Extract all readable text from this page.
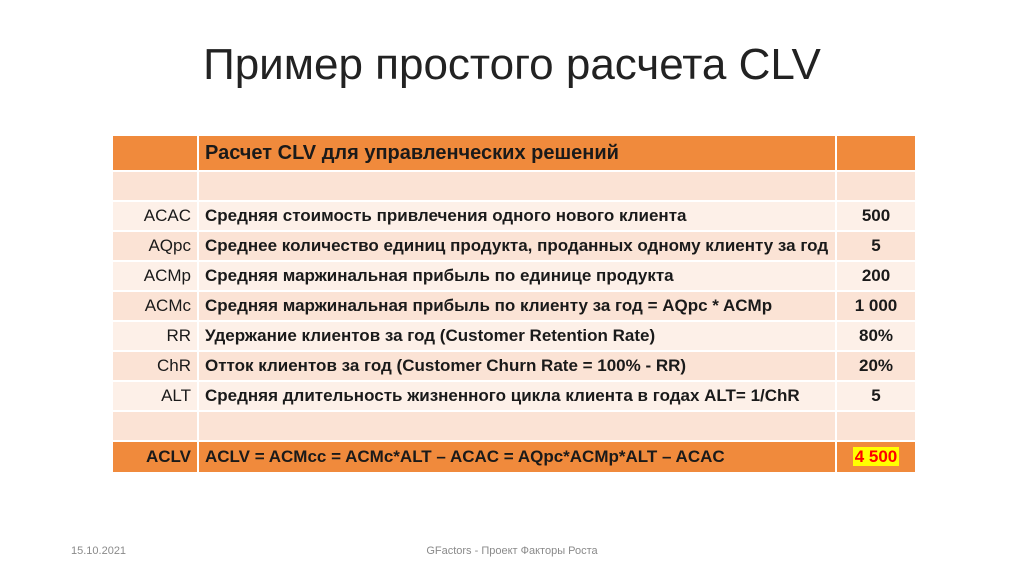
Пример простого расчета CLV
	Расчет CLV для управленческих решений	

ACAC	Средняя стоимость привлечения одного нового клиента	500
AQpc	Среднее количество единиц продукта, проданных одному клиенту за год	5
ACMp	Средняя маржинальная прибыль по единице продукта	200
ACMc	Средняя маржинальная прибыль по клиенту за год = AQpc * ACMp	1 000
RR	Удержание клиентов за год (Customer Retention Rate)	80%
ChR	Отток клиентов за год (Customer Churn Rate = 100% - RR)	20%
ALT	Средняя длительность жизненного цикла клиента в годах ALT= 1/ChR	5

ACLV	ACLV = ACMcc = ACMc*ALT – ACAC = AQpc*ACMp*ALT – ACAC	4 500
15.10.2021	GFactors - Проект Факторы Роста
